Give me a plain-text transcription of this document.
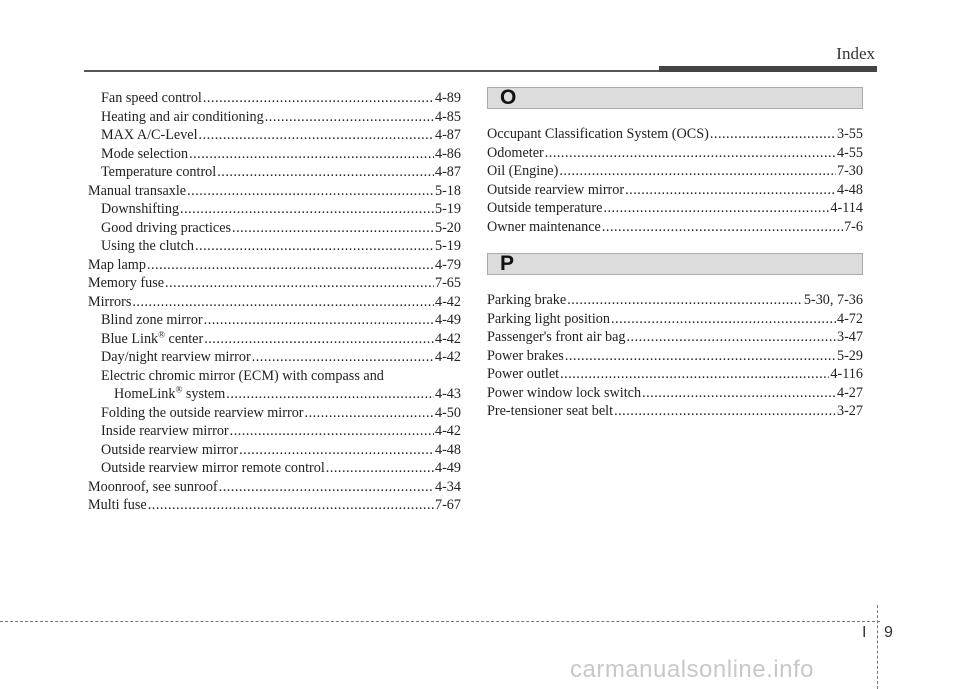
Index
Fan speed control .....	4-89
Heating and air conditioning .....	4-85
MAX A/C-Level .....	4-87
Mode selection .....	4-86
Temperature control .....	4-87
Manual transaxle .....	5-18
Downshifting .....	5-19
Good driving practices .....	5-20
Using the clutch .....	5-19
Map lamp .....	4-79
Memory fuse .....	7-65
Mirrors .....	4-42
Blind zone mirror .....	4-49
Blue Link® center .....	4-42
Day/night rearview mirror .....	4-42
Electric chromic mirror (ECM) with compass and
HomeLink® system .....	4-43
Folding the outside rearview mirror .....	4-50
Inside rearview mirror .....	4-42
Outside rearview mirror .....	4-48
Outside rearview mirror remote control .....	4-49
Moonroof, see sunroof .....	4-34
Multi fuse .....	7-67
O
Occupant Classification System (OCS) .....	3-55
Odometer .....	4-55
Oil (Engine) .....	7-30
Outside rearview mirror .....	4-48
Outside temperature .....	4-114
Owner maintenance .....	7-6
P
Parking brake .....	5-30, 7-36
Parking light position .....	4-72
Passenger's front air bag .....	3-47
Power brakes .....	5-29
Power outlet .....	4-116
Power window lock switch .....	4-27
Pre-tensioner seat belt .....	3-27
I 9
carmanualsonline.info
